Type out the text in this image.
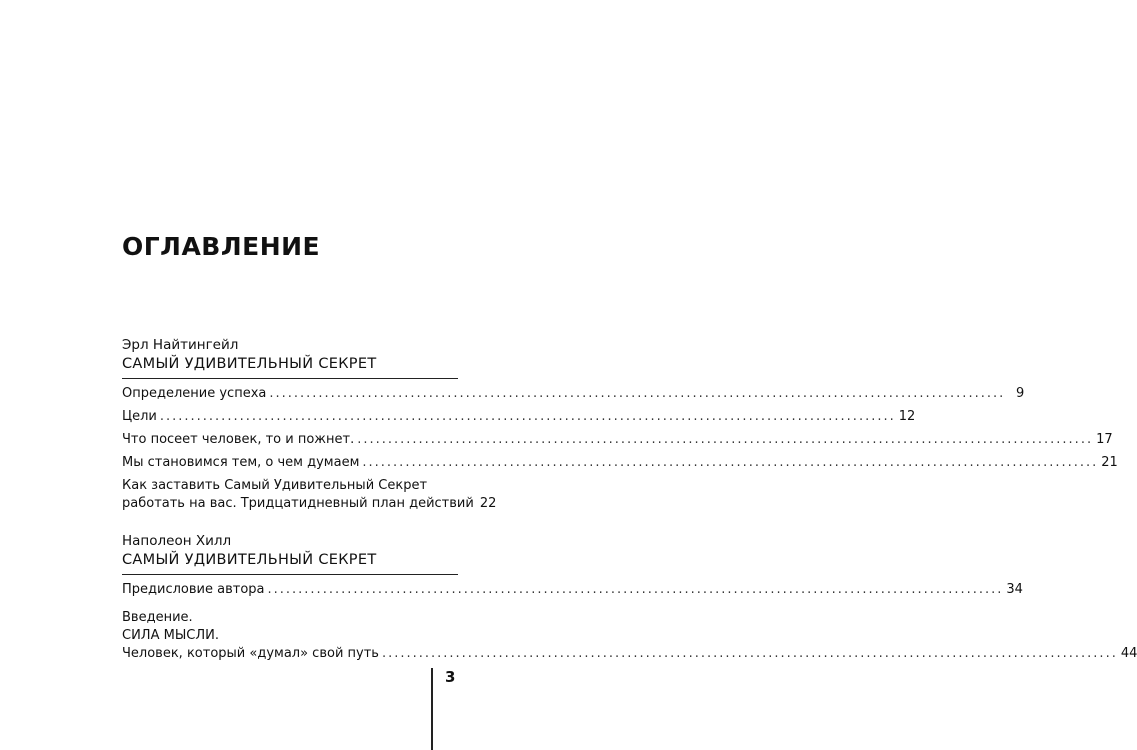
ОГЛАВЛЕНИЕ
Эрл Найтингейл
САМЫЙ УДИВИТЕЛЬНЫЙ СЕКРЕТ
Определение успеха ........................................................................................................................ 9
Цели ........................................................................................................................ 12
Что посеет человек, то и пожнет. ........................................................................................................................ 17
Мы становимся тем, о чем думаем ........................................................................................................................ 21
Как заставить Самый Удивительный Секрет
работать на вас. Тридцатидневный план действий 22
Наполеон Хилл
САМЫЙ УДИВИТЕЛЬНЫЙ СЕКРЕТ
Предисловие автора ........................................................................................................................ 34
Введение.
СИЛА МЫСЛИ.
Человек, который «думал» свой путь ........................................................................................................................ 44
3
